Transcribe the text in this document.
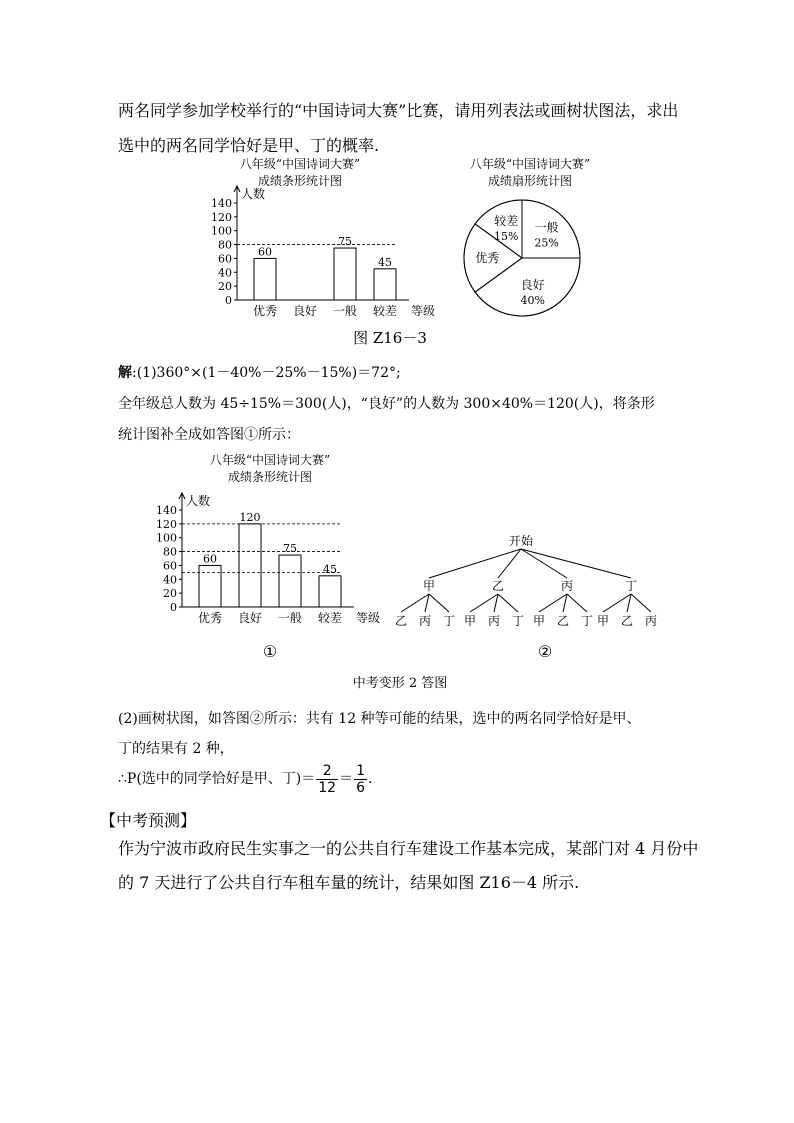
两名同学参加学校举行的“中国诗词大赛”比赛，请用列表法或画树状图法，求出
选中的两名同学恰好是甲、丁的概率.
八年级“中国诗词大赛”
成绩条形统计图
人数
0
20
40
60
80
100
120
140
优秀
60
良好 一般
75
较差
45
等级
八年级“中国诗词大赛”
成绩扇形统计图
一般
25%
良好
40%
优秀
较差
15%
图 Z16－3
解:(1)360°×(1－40%－25%－15%)＝72°;
全年级总人数为 45÷15%＝300(人)，“良好”的人数为 300×40%＝120(人)，将条形
统计图补全成如答图①所示：
八年级“中国诗词大赛”
成绩条形统计图
人数
0
20
40
60
80
100
120
140
优秀
60
良好
120
一般
75
较差
45
等级
①
开始
甲
乙 丙 丁
乙
甲 丙 丁
丙
甲 乙 丁
丁
甲 乙 丙
②
中考变形 2 答图
(2)画树状图，如答图②所示：共有 12 种等可能的结果，选中的两名同学恰好是甲、
丁的结果有 2 种，
∴P(选中的同学恰好是甲、丁)＝ $\frac{2}{12} = \frac{1}{6}$ .
【中考预测】
作为宁波市政府民生实事之一的公共自行车建设工作基本完成，某部门对 4 月份中
的 7 天进行了公共自行车租车量的统计，结果如图 Z16－4 所示.
